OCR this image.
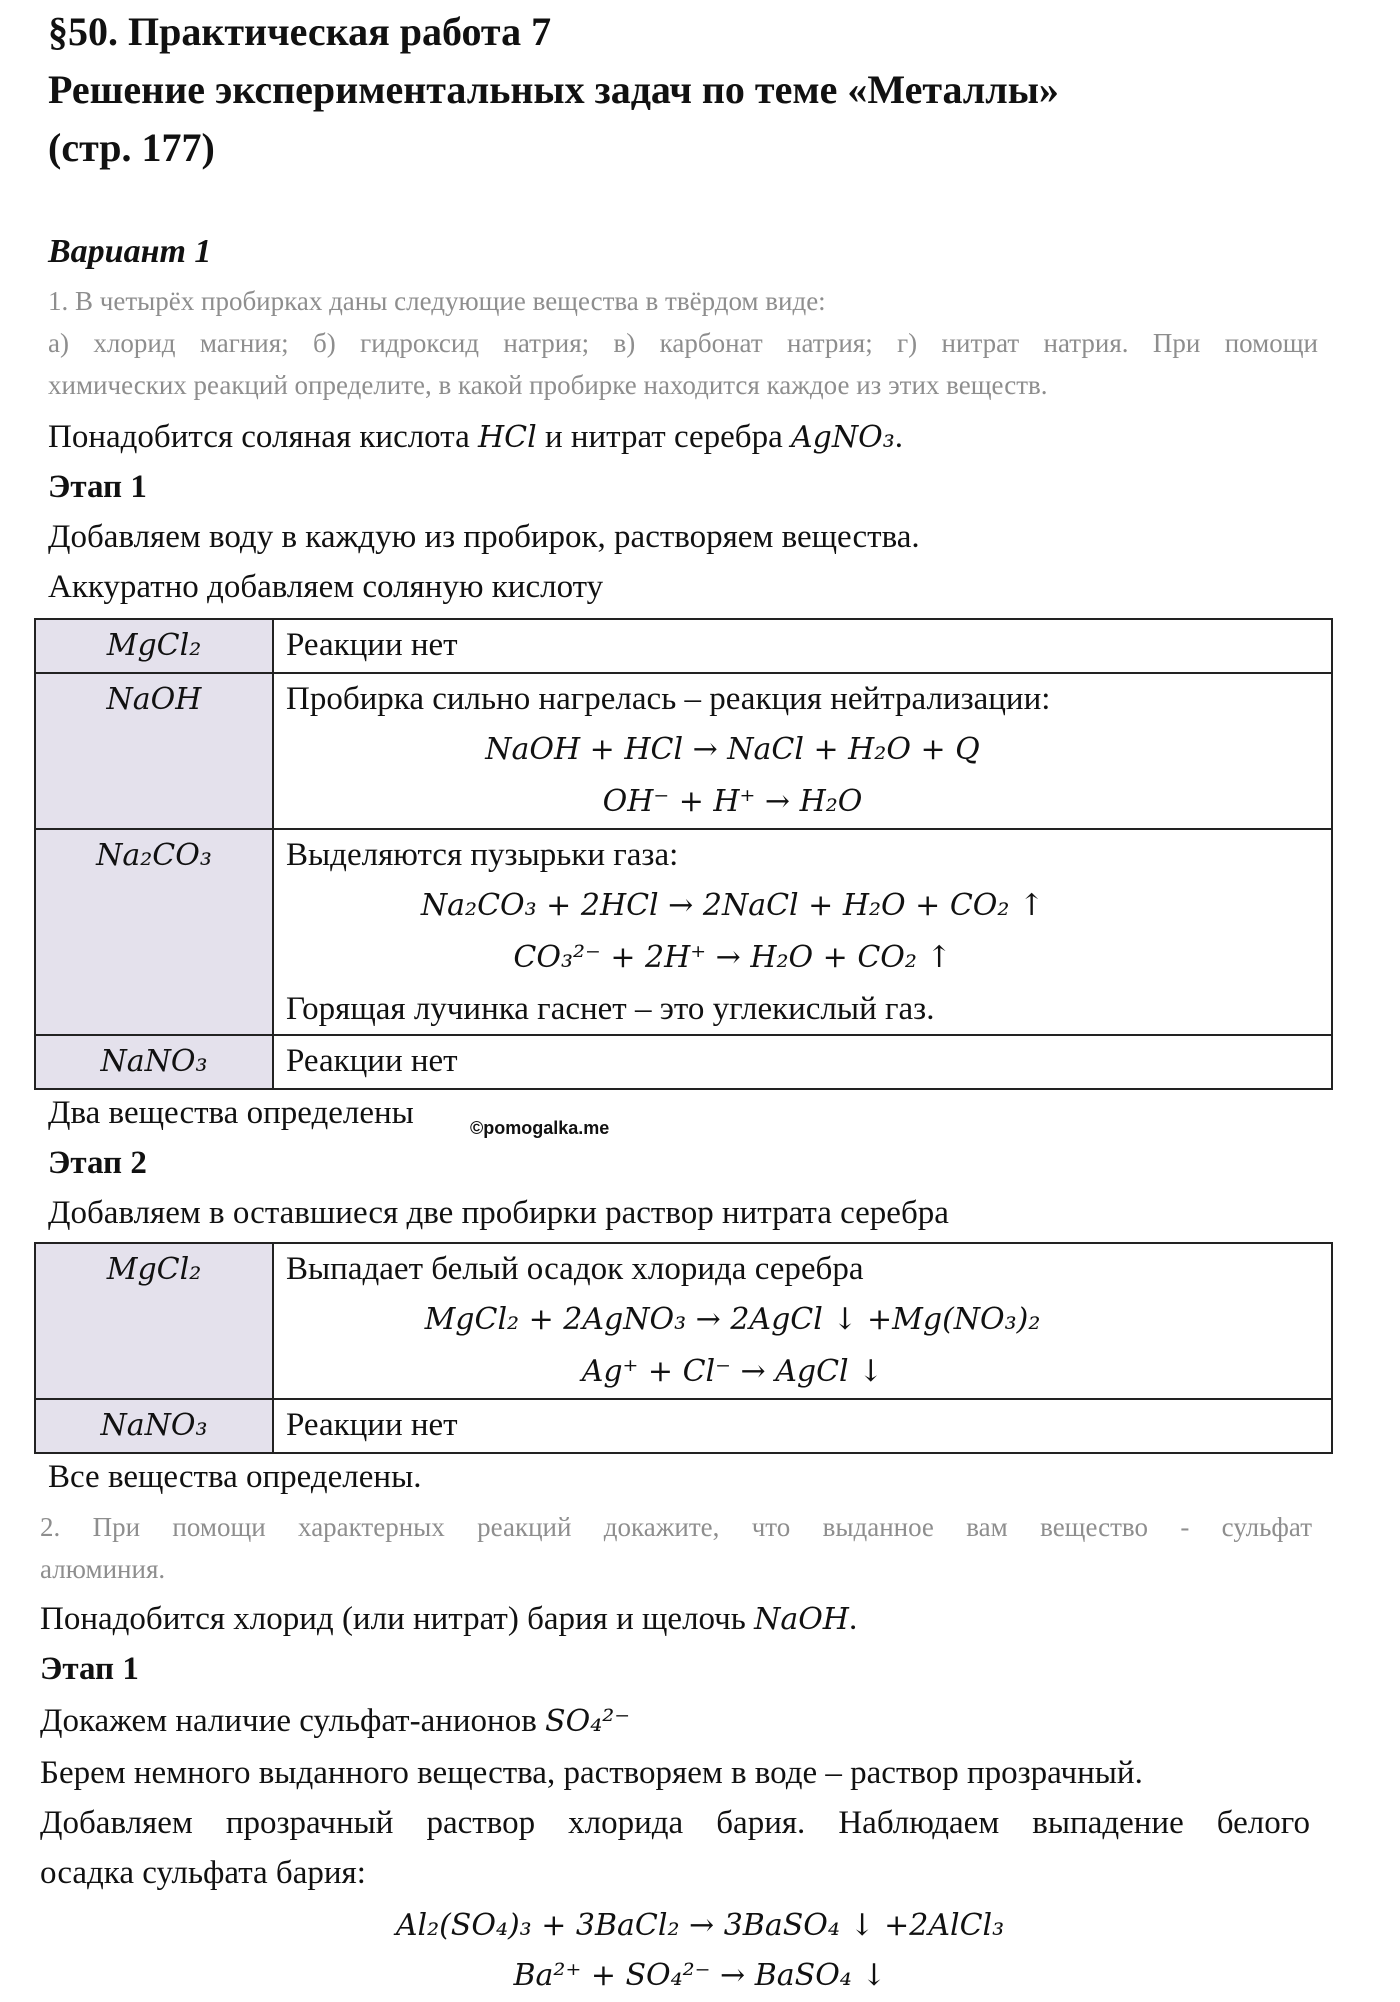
§50. Практическая работа 7
Решение экспериментальных задач по теме «Металлы»
(стр. 177)
Вариант 1
1. В четырёх пробирках даны следующие вещества в твёрдом виде:
а) хлорид магния; б) гидроксид натрия; в) карбонат натрия; г) нитрат натрия. При помощи
химических реакций определите, в какой пробирке находится каждое из этих веществ.
Понадобится соляная кислота HCl и нитрат серебра AgNO₃.
Этап 1
Добавляем воду в каждую из пробирок, растворяем вещества.
Аккуратно добавляем соляную кислоту
MgCl₂	Реакции нет

NaOH	Пробирка сильно нагрелась – реакция нейтрализации:
NaOH + HCl → NaCl + H₂O + Q
OH⁻ + H⁺ → H₂O

Na₂CO₃	Выделяются пузырьки газа:
Na₂CO₃ + 2HCl → 2NaCl + H₂O + CO₂ ↑
CO₃²⁻ + 2H⁺ → H₂O + CO₂ ↑
Горящая лучинка гаснет – это углекислый газ.

NaNO₃	Реакции нет
Два вещества определены	©pomogalka.me
Этап 2
Добавляем в оставшиеся две пробирки раствор нитрата серебра
MgCl₂	Выпадает белый осадок хлорида серебра
MgCl₂ + 2AgNO₃ → 2AgCl ↓ +Mg(NO₃)₂
Ag⁺ + Cl⁻ → AgCl ↓

NaNO₃	Реакции нет
Все вещества определены.
2. При помощи характерных реакций докажите, что выданное вам вещество - сульфат
алюминия.
Понадобится хлорид (или нитрат) бария и щелочь NaOH.
Этап 1
Докажем наличие сульфат-анионов SO₄²⁻
Берем немного выданного вещества, растворяем в воде – раствор прозрачный.
Добавляем прозрачный раствор хлорида бария. Наблюдаем выпадение белого
осадка сульфата бария:
Al₂(SO₄)₃ + 3BaCl₂ → 3BaSO₄ ↓ +2AlCl₃
Ba²⁺ + SO₄²⁻ → BaSO₄ ↓
